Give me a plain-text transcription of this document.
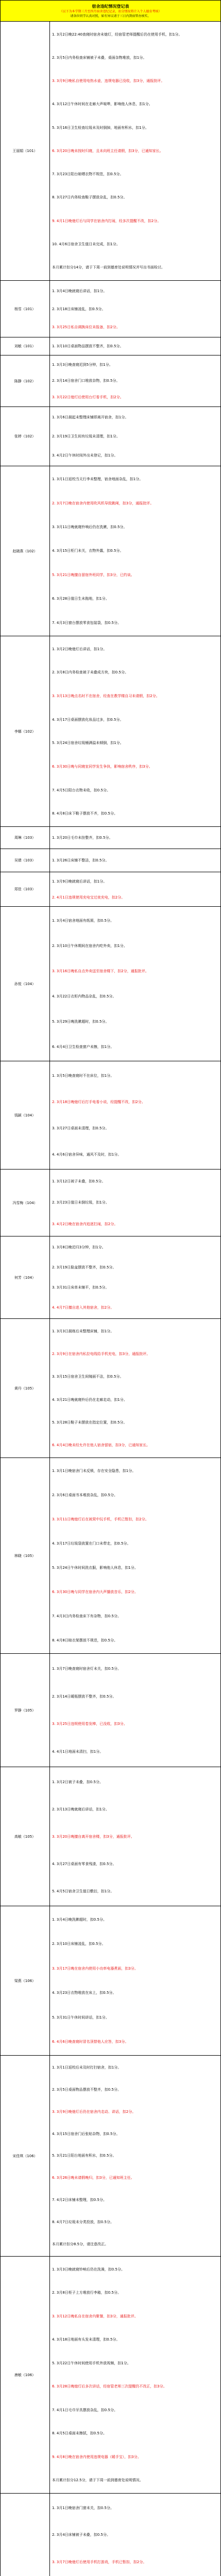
宿舍违纪情况登记表
（以下为本学期三月至四月宿舍违纪记录，扣分情况将计入个人德育考核）
请各位同学认真对照，如有异议请于三日内到宿管办核实。
王丽娟（101）
1. 3月2日晚22:40查寝时宿舍未熄灯，经宿管老师提醒后仍在使用手机，扣1分。
2. 3月5日内务检查床铺被子未叠，桌面杂物堆放，扣1分。
3. 3月9日晚私自使用电热水壶，违规电器已没收，扣3分，通报批评。
4. 3月12日午休时间在走廊大声喧哗，影响他人休息，扣1分。
5. 3月16日卫生检查垃圾未及时倒掉，地面有积水，扣1分。
6. 3月20日晚未按时归寝，且未向班主任请假，扣3分，已通知家长。
7. 3月23日阳台晾晒衣物不规范，扣0.5分。
8. 3月27日内务检查鞋子摆放杂乱，扣0.5分。
9. 4月1日晚熄灯后与同学在宿舍内打闹，经多次提醒不改，扣2分。
10. 4月6日宿舍卫生值日未完成，扣1分。
本月累计扣分14分，请于下周一前到德育处说明情况并写出书面检讨。
杨雪（101）
1. 3月4日晚就寝后讲话，扣1分。
2. 3月18日床铺凌乱，扣0.5分。
3. 3月25日私自调换床位未报备，扣2分。
刘敏（101）	1. 3月10日桌面物品摆放不整齐，扣0.5分。
陈静（102）
1. 3月3日晚查寝迟到5分钟，扣1分。
2. 3月14日宿舍门口堆放杂物，扣0.5分。
3. 3月22日熄灯后使用台灯看手机，扣2分。
张婷（102）
1. 3月6日晨起未整理床铺即离开宿舍，扣1分。
2. 3月19日卫生间有垃圾未清理，扣1分。
3. 4月2日午休时间外出未登记，扣1分。
赵晓燕（102）
1. 3月1日返校当天行李未整理，宿舍地面杂乱，扣1分。
2. 3月7日晚在宿舍内使用吹风机导致跳闸，扣3分，通报批评。
3. 3月11日晚就寝铃响后仍在洗漱，扣0.5分。
4. 3月15日柜门未关，衣物外露，扣0.5分。
5. 3月21日晚擅自留宿外班同学，扣3分，已约谈。
6. 3月28日值日生未拖地，扣1分。
7. 4月3日窗台摆放零食包装袋，扣0.5分。
李娜（102）
1. 3月2日晚熄灯后讲话，扣1分。
2. 3月8日内务检查被子未叠成方块，扣0.5分。
3. 3月13日晚点名时不在宿舍，经查在教学楼自习未请假，扣2分。
4. 3月17日桌面摆放化妆品过多，扣0.5分。
5. 3月24日宿舍垃圾桶满溢未倾倒，扣1分。
6. 3月30日晚与同寝室同学发生争执，影响宿舍秩序，扣3分。
7. 4月5日阳台衣物未收，扣0.5分。
8. 4月8日床下鞋子摆放不齐，扣0.5分。
周琳（103）	1. 3月20日毛巾未挂整齐，扣0.5分。
吴倩（103）	1. 3月26日床铺不整洁，扣0.5分。
郑佳（103）
1. 3月9日晚就寝后讲话，扣1分。
2. 4月1日违规使用充电宝过夜充电，扣2分。
孙悦（104）
1. 3月4日宿舍地面有纸屑，扣0.5分。
2. 3月10日午休期间在宿舍内吃外卖，扣1分。
3. 3月16日晚私自点外卖送至宿舍楼下，扣2分，通报批评。
4. 3月22日衣柜内物品杂乱，扣0.5分。
5. 3月29日晚洗漱超时，扣0.5分。
6. 4月4日卫生检查窗户未擦，扣1分。
钱颖（104）
1. 3月5日晚查寝时不在床位，扣1分。
2. 3月18日晚熄灯后打手电看小说，经提醒不改，扣2分。
3. 3月27日桌面未清理，扣0.5分。
4. 4月6日宿舍异味，通风不及时，扣1分。
冯雪梅（104）
1. 3月12日被子未叠，扣0.5分。
2. 3月23日值日未倒垃圾，扣1分。
3. 4月2日晚在宿舍内追逐打闹，扣2分。
何芳（104）
1. 3月8日晚迟归3分钟，扣1分。
2. 3月19日脸盆摆放不整齐，扣0.5分。
3. 3月31日床单未铺平，扣0.5分。
4. 4月7日擅自进入其他宿舍，扣2分。
黄丹（105）
1. 3月3日晨练后未整理床铺，扣1分。
2. 3月9日在宿舍内私拉电线给手机充电，扣3分，通报批评。
3. 3月15日宿舍卫生间镜面不洁，扣0.5分。
4. 3月21日晚就寝铃后仍在走廊走动，扣1分。
5. 3月28日鞋子未摆放在指定位置，扣0.5分。
6. 4月4日晚未经允许在他人宿舍留宿，扣3分，已通知家长。
林晓（105）
1. 3月1日晚宿舍门未反锁，存在安全隐患，扣1分。
2. 3月6日桌面书本堆放杂乱，扣0.5分。
3. 3月11日晚熄灯后在被窝中玩手机，手机已暂扣，扣2分。
4. 3月17日垃圾袋放置在门口未带走，扣0.5分。
5. 3月24日午休时间洗衣服，影响他人休息，扣1分。
6. 3月30日晚与同学在宿舍内大声播放音乐，扣2分。
7. 4月3日内务检查床下有杂物，扣0.5分。
8. 4月8日晾衣架摆放不规范，扣0.5分。
罗静（105）
1. 3月7日晚查寝时宿舍灯未关，扣0.5分。
2. 3月14日暖瓶摆放不整齐，扣0.5分。
3. 3月25日违规使用卷发棒，已没收，扣3分。
4. 4月1日地面未清扫，扣1分。
高敏（105）
1. 3月2日被子未叠，扣0.5分。
2. 3月13日晚就寝后讲话，扣1分。
3. 3月20日晚擅自离开宿舍楼，扣3分，通报批评。
4. 3月27日桌面有零食残渣，扣0.5分。
5. 4月5日宿舍卫生值日敷衍，扣1分。
梁燕（106）
1. 3月4日晚洗漱超时，扣0.5分。
2. 3月10日床铺凌乱，扣0.5分。
3. 3月17日晚在宿舍内使用小功率电器煮面，扣3分。
4. 3月23日衣物堆放在床上，扣0.5分。
5. 3月31日午休时间讲话，扣1分。
6. 4月6日晚查寝时冒名顶替他人应答，扣3分。
宋佳琪（106）
1. 3月1日返校后未及时打扫宿舍，扣1分。
2. 3月5日桌面物品摆放不整齐，扣0.5分。
3. 3月9日晚熄灯后仍在宿舍内走动、讲话，扣2分。
4. 3月15日宿舍门后张贴杂物，扣0.5分。
5. 3月21日阳台地面有积水，扣0.5分。
6. 3月26日晚未请假晚归，扣3分，已通知班主任。
7. 4月2日床铺未整理，扣0.5分。
8. 4月7日垃圾未分类投放，扣0.5分。
本月累计扣分8.5分，请注意改正。
唐敏（106）
1. 3月3日晚就寝铃响后仍在洗澡，扣0.5分。
2. 3月8日柜子上方堆放行李箱，扣0.5分。
3. 3月12日晚私自在宿舍内聚餐，扣3分，通报批评。
4. 3月18日地面有头发未清理，扣0.5分。
5. 3月22日午休时间使用手机外放视频，扣1分。
6. 3月28日晚熄灯后多次讲话，经宿管老师三次提醒仍不改正，扣3分。
7. 4月1日毛巾牙具摆放杂乱，扣0.5分。
8. 4月5日桌面未擦拭，扣0.5分。
9. 4月8日晚在宿舍内使用违规电器（暖手宝），扣3分。
本月累计扣分12.5分，请于下周一前到德育处说明情况。
1. 3月1日晚宿舍门窗未关，扣0.5分。
2. 3月4日床铺被子未叠，扣0.5分。
3. 3月7日晚熄灯后使用手机打游戏，手机已暂扣，扣2分。
